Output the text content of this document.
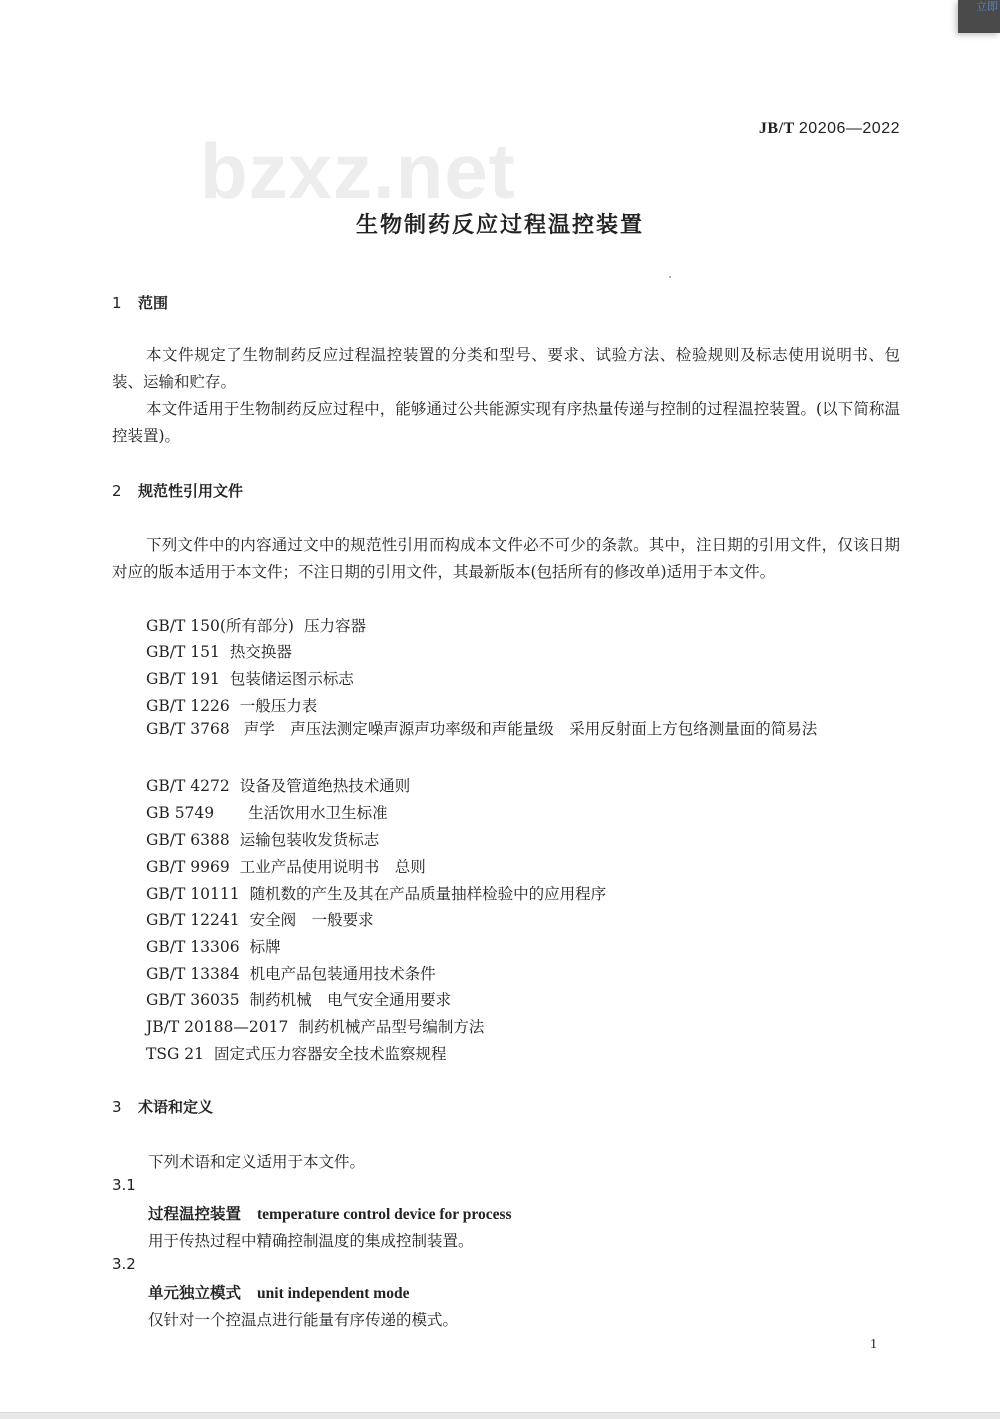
立即
JB/T 20206—2022
bzxz.net
生物制药反应过程温控装置
1 范围
本文件规定了生物制药反应过程温控装置的分类和型号、要求、试验方法、检验规则及标志使用说明书、包装、运输和贮存。
本文件适用于生物制药反应过程中，能够通过公共能源实现有序热量传递与控制的过程温控装置。(以下简称温控装置)。
2 规范性引用文件
下列文件中的内容通过文中的规范性引用而构成本文件必不可少的条款。其中，注日期的引用文件，仅该日期对应的版本适用于本文件；不注日期的引用文件，其最新版本(包括所有的修改单)适用于本文件。
GB/T 150(所有部分) 压力容器
GB/T 151 热交换器
GB/T 191 包装储运图示标志
GB/T 1226 一般压力表
GB/T 3768 声学　声压法测定噪声源声功率级和声能量级　采用反射面上方包络测量面的简易法
GB/T 4272 设备及管道绝热技术通则
GB 5749 生活饮用水卫生标准
GB/T 6388 运输包装收发货标志
GB/T 9969 工业产品使用说明书　总则
GB/T 10111 随机数的产生及其在产品质量抽样检验中的应用程序
GB/T 12241 安全阀　一般要求
GB/T 13306 标牌
GB/T 13384 机电产品包装通用技术条件
GB/T 36035 制药机械　电气安全通用要求
JB/T 20188—2017 制药机械产品型号编制方法
TSG 21 固定式压力容器安全技术监察规程
3 术语和定义
下列术语和定义适用于本文件。
3.1
过程温控装置 temperature control device for process
用于传热过程中精确控制温度的集成控制装置。
3.2
单元独立模式 unit independent mode
仅针对一个控温点进行能量有序传递的模式。
1
